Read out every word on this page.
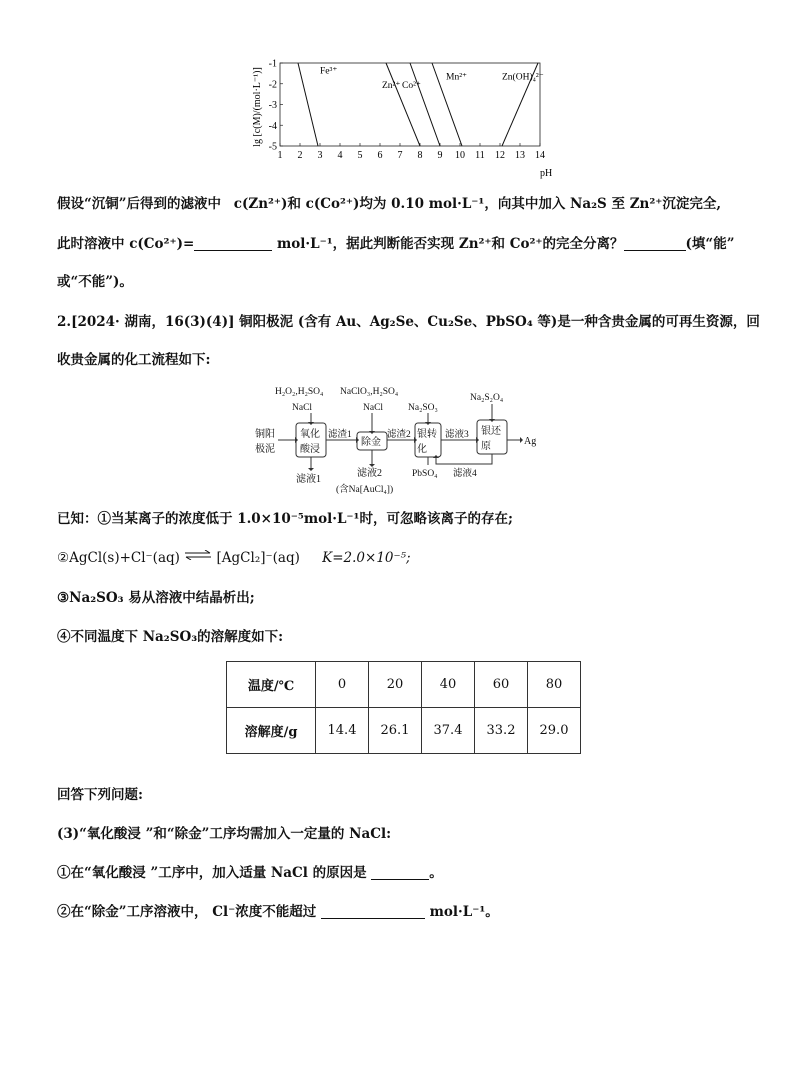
1 2 3 4 5 6 7 8 9 10 11 12 13 14
-1
-2
-3
-4
-5
Fe³⁺
Zn²⁺ Co²⁺
Mn²⁺	Zn(OH)₄²⁻
lg [c(M)/(mol·L⁻¹)]
pH
假设“沉铜”后得到的滤液中 c(Zn²⁺)和 c(Co²⁺)均为 0.10 mol·L⁻¹，向其中加入 Na₂S 至 Zn²⁺沉淀完全,
此时溶液中 c(Co²⁺)=	mol·L⁻¹，据此判断能否实现 Zn²⁺和 Co²⁺的完全分离？	(填“能”
或“不能”)。
2.[2024· 湖南，16(3)(4)] 铜阳极泥 (含有 Au、Ag₂Se、Cu₂Se、PbSO₄ 等)是一种含贵金属的可再生资源，回
收贵金属的化工流程如下:
铜阳
极泥
H₂O₂,H₂SO₄
NaCl
NaClO₃,H₂SO₄
NaCl	Na₂SO₃
Na₂S₂O₄
氧化
酸浸
除金
银转
化
银还
原
滤渣1	滤渣2	滤液3
Ag
滤液1
滤液2
(含Na[AuCl₄])
PbSO₄ 滤液4
已知：①当某离子的浓度低于 1.0×10⁻⁵mol·L⁻¹时，可忽略该离子的存在;
②AgCl(s)+Cl⁻(aq) ⇌ [AgCl₂]⁻(aq) K=2.0×10⁻⁵;
③Na₂SO₃ 易从溶液中结晶析出;
④不同温度下 Na₂SO₃的溶解度如下:
温度/℃	0	20	40	60	80
溶解度/g	14.4	26.1	37.4	33.2	29.0
回答下列问题:
(3)“氧化酸浸 ”和“除金”工序均需加入一定量的 NaCl:
①在“氧化酸浸 ”工序中，加入适量 NaCl 的原因是	。
②在“除金”工序溶液中， Cl⁻浓度不能超过	mol·L⁻¹。
